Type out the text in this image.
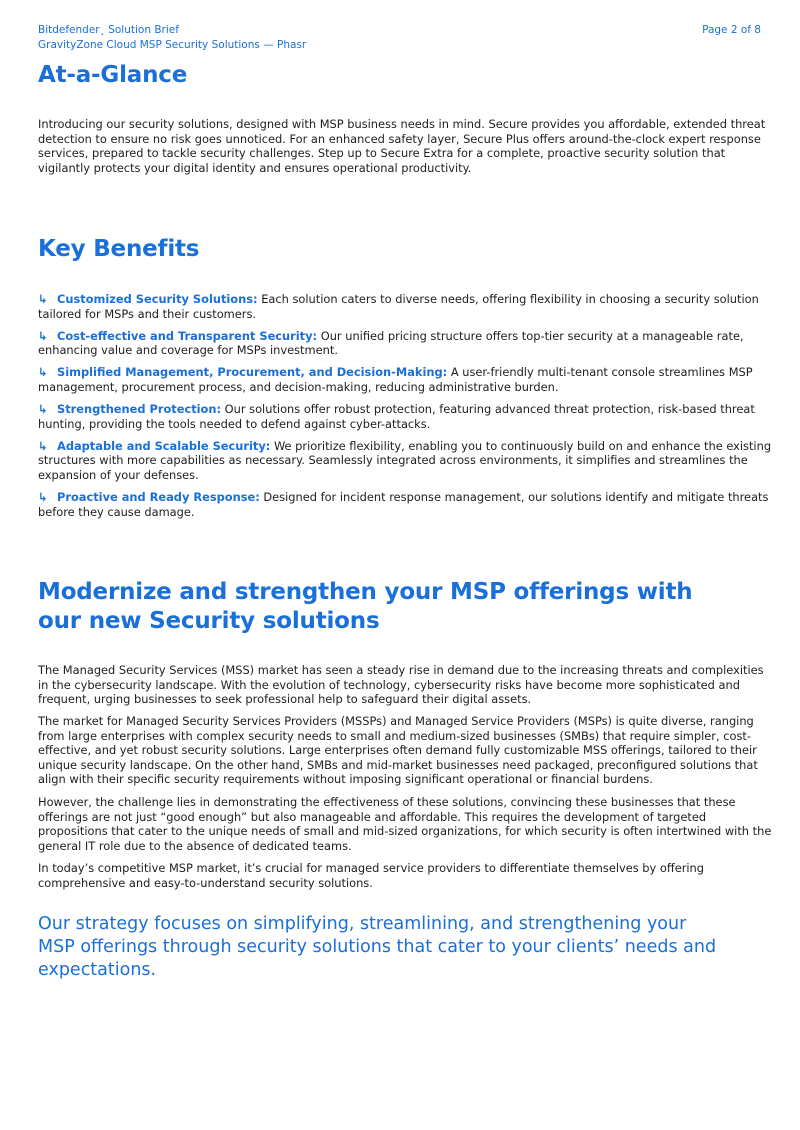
Bitdefender¸ Solution Brief
GravityZone Cloud MSP Security Solutions — Phasr
Page 2 of 8
At-a-Glance

Introducing our security solutions, designed with MSP business needs in mind. Secure provides you affordable, extended threat detection to ensure no risk goes unnoticed. For an enhanced safety layer, Secure Plus offers around-the-clock expert response services, prepared to tackle security challenges. Step up to Secure Extra for a complete, proactive security solution that vigilantly protects your digital identity and ensures operational productivity.

Key Benefits
↳ Customized Security Solutions: Each solution caters to diverse needs, offering flexibility in choosing a security solution tailored for MSPs and their customers.
↳ Cost-effective and Transparent Security: Our unified pricing structure offers top-tier security at a manageable rate, enhancing value and coverage for MSPs investment.
↳ Simplified Management, Procurement, and Decision-Making: A user-friendly multi-tenant console streamlines MSP management, procurement process, and decision-making, reducing administrative burden.
↳ Strengthened Protection: Our solutions offer robust protection, featuring advanced threat protection, risk-based threat hunting, providing the tools needed to defend against cyber-attacks.
↳ Adaptable and Scalable Security: We prioritize flexibility, enabling you to continuously build on and enhance the existing structures with more capabilities as necessary. Seamlessly integrated across environments, it simplifies and streamlines the expansion of your defenses.
↳ Proactive and Ready Response: Designed for incident response management, our solutions identify and mitigate threats before they cause damage.
Modernize and strengthen your MSP offerings with our new Security solutions

The Managed Security Services (MSS) market has seen a steady rise in demand due to the increasing threats and complexities in the cybersecurity landscape. With the evolution of technology, cybersecurity risks have become more sophisticated and frequent, urging businesses to seek professional help to safeguard their digital assets.

The market for Managed Security Services Providers (MSSPs) and Managed Service Providers (MSPs) is quite diverse, ranging from large enterprises with complex security needs to small and medium-sized businesses (SMBs) that require simpler, cost-effective, and yet robust security solutions. Large enterprises often demand fully customizable MSS offerings, tailored to their unique security landscape. On the other hand, SMBs and mid-market businesses need packaged, preconfigured solutions that align with their specific security requirements without imposing significant operational or financial burdens.

However, the challenge lies in demonstrating the effectiveness of these solutions, convincing these businesses that these offerings are not just “good enough” but also manageable and affordable. This requires the development of targeted propositions that cater to the unique needs of small and mid-sized organizations, for which security is often intertwined with the general IT role due to the absence of dedicated teams.

In today’s competitive MSP market, it’s crucial for managed service providers to differentiate themselves by offering comprehensive and easy-to-understand security solutions.

Our strategy focuses on simplifying, streamlining, and strengthening your MSP offerings through security solutions that cater to your clients’ needs and expectations.
